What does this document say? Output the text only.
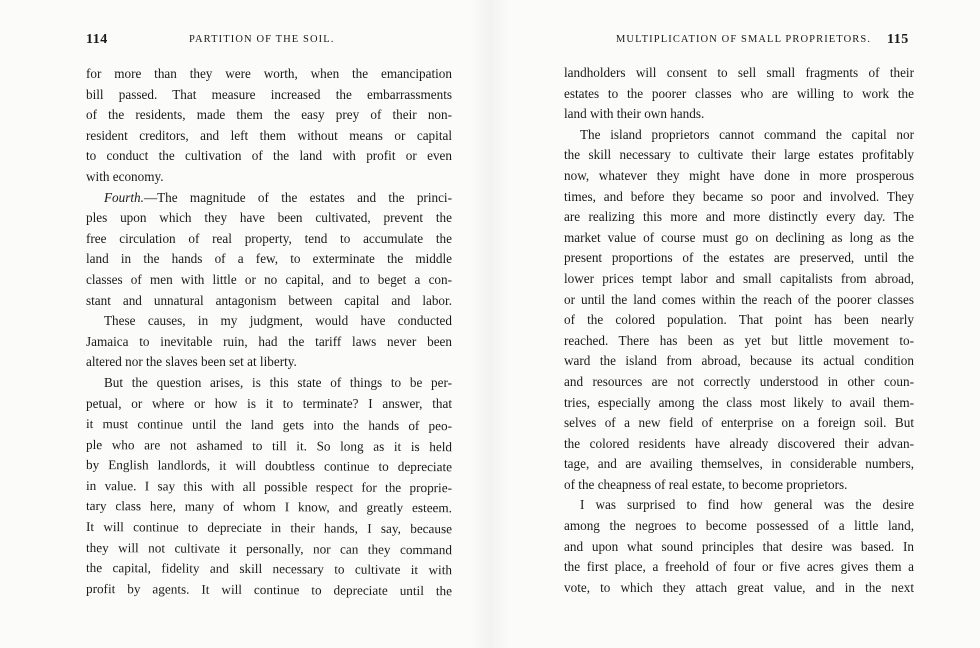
114	PARTITION OF THE SOIL.
for more than they were worth, when the emancipation
bill passed. That measure increased the embarrassments
of the residents, made them the easy prey of their non-
resident creditors, and left them without means or capital
to conduct the cultivation of the land with profit or even
with economy.
Fourth.—The magnitude of the estates and the princi-
ples upon which they have been cultivated, prevent the
free circulation of real property, tend to accumulate the
land in the hands of a few, to exterminate the middle
classes of men with little or no capital, and to beget a con-
stant and unnatural antagonism between capital and labor.
These causes, in my judgment, would have conducted
Jamaica to inevitable ruin, had the tariff laws never been
altered nor the slaves been set at liberty.
But the question arises, is this state of things to be per-
petual, or where or how is it to terminate? I answer, that
it must continue until the land gets into the hands of peo-
ple who are not ashamed to till it. So long as it is held
by English landlords, it will doubtless continue to depreciate
in value. I say this with all possible respect for the proprie-
tary class here, many of whom I know, and greatly esteem.
It will continue to depreciate in their hands, I say, because
they will not cultivate it personally, nor can they command
the capital, fidelity and skill necessary to cultivate it with
profit by agents. It will continue to depreciate until the
MULTIPLICATION OF SMALL PROPRIETORS. 115
landholders will consent to sell small fragments of their
estates to the poorer classes who are willing to work the
land with their own hands.
The island proprietors cannot command the capital nor
the skill necessary to cultivate their large estates profitably
now, whatever they might have done in more prosperous
times, and before they became so poor and involved. They
are realizing this more and more distinctly every day. The
market value of course must go on declining as long as the
present proportions of the estates are preserved, until the
lower prices tempt labor and small capitalists from abroad,
or until the land comes within the reach of the poorer classes
of the colored population. That point has been nearly
reached. There has been as yet but little movement to-
ward the island from abroad, because its actual condition
and resources are not correctly understood in other coun-
tries, especially among the class most likely to avail them-
selves of a new field of enterprise on a foreign soil. But
the colored residents have already discovered their advan-
tage, and are availing themselves, in considerable numbers,
of the cheapness of real estate, to become proprietors.
I was surprised to find how general was the desire
among the negroes to become possessed of a little land,
and upon what sound principles that desire was based. In
the first place, a freehold of four or five acres gives them a
vote, to which they attach great value, and in the next
